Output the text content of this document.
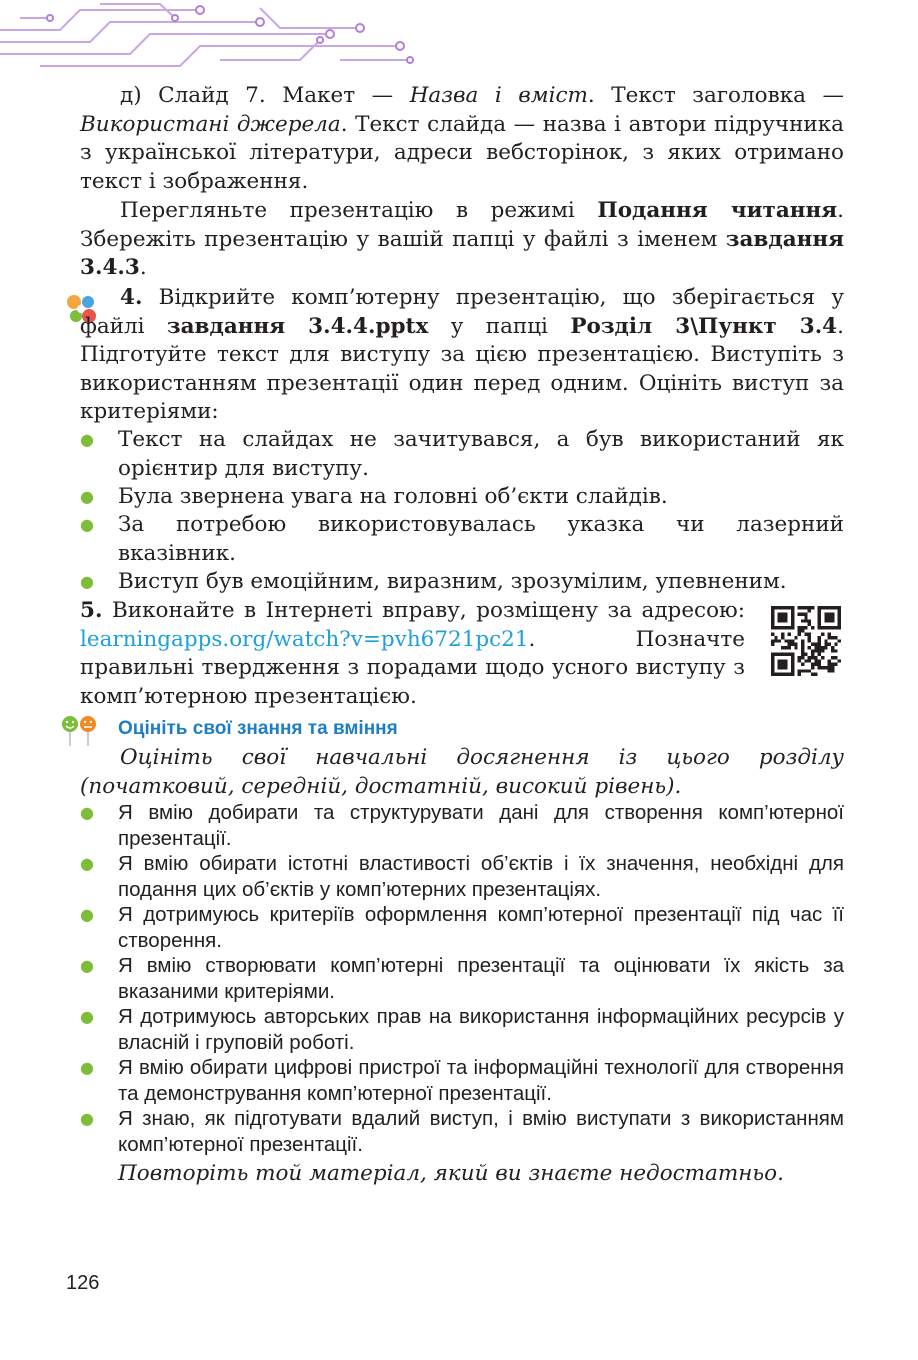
д) Слайд 7. Макет — Назва і вміст. Текст заголовка — Використані джерела. Текст слайда — назва і автори підручника з української літератури, адреси вебсторінок, з яких отримано текст і зображення.

Перегляньте презентацію в режимі Подання читання. Збережіть презентацію у вашій папці у файлі з іменем завдання 3.4.3.

4. Відкрийте комп’ютерну презентацію, що зберігається у файлі завдання 3.4.4.pptx у папці Розділ 3\Пункт 3.4. Підготуйте текст для виступу за цією презентацією. Виступіть з використанням презентації один перед одним. Оцініть виступ за критеріями:

● Текст на слайдах не зачитувався, а був використаний як орієнтир для виступу.
● Була звернена увага на головні об’єкти слайдів.
● За потребою використовувалась указка чи лазерний вказівник.
● Виступ був емоційним, виразним, зрозумілим, упевненим.

5. Виконайте в Інтернеті вправу, розміщену за адресою: learningapps.org/watch?v=pvh6721pc21. Позначте правильні твердження з порадами щодо усного виступу з комп’ютерною презентацією.

Оцініть свої знання та вміння

Оцініть свої навчальні досягнення із цього розділу (початковий, середній, достатній, високий рівень).

● Я вмію добирати та структурувати дані для створення комп’ютерної презентації.
● Я вмію обирати істотні властивості об’єктів і їх значення, необхідні для подання цих об’єктів у комп’ютерних презентаціях.
● Я дотримуюсь критеріїв оформлення комп’ютерної презентації під час її створення.
● Я вмію створювати комп’ютерні презентації та оцінювати їх якість за вказаними критеріями.
● Я дотримуюсь авторських прав на використання інформаційних ресурсів у власній і груповій роботі.
● Я вмію обирати цифрові пристрої та інформаційні технології для створення та демонстрування комп’ютерної презентації.
● Я знаю, як підготувати вдалий виступ, і вмію виступати з використанням комп’ютерної презентації.

Повторіть той матеріал, який ви знаєте недостатньо.

126
